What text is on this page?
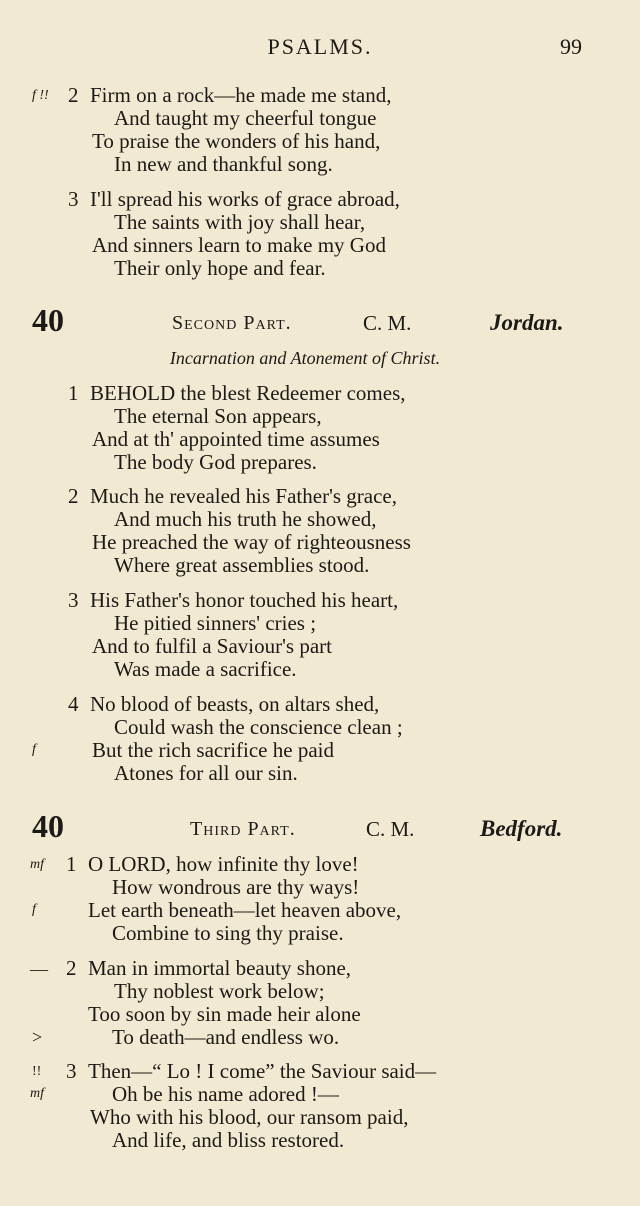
PSALMS.	99
f !! 2 Firm on a rock—he made me stand,
And taught my cheerful tongue
To praise the wonders of his hand,
In new and thankful song.
3 I'll spread his works of grace abroad,
The saints with joy shall hear,
And sinners learn to make my God
Their only hope and fear.
40	Second Part.	C. M.	Jordan.
Incarnation and Atonement of Christ.
1 BEHOLD the blest Redeemer comes,
The eternal Son appears,
And at th' appointed time assumes
The body God prepares.
2 Much he revealed his Father's grace,
And much his truth he showed,
He preached the way of righteousness
Where great assemblies stood.
3 His Father's honor touched his heart,
He pitied sinners' cries ;
And to fulfil a Saviour's part
Was made a sacrifice.
4 No blood of beasts, on altars shed,
Could wash the conscience clean ;
f	But the rich sacrifice he paid
Atones for all our sin.
40	Third Part.	C. M.	Bedford.
mf 1 O LORD, how infinite thy love!
How wondrous are thy ways!
f Let earth beneath—let heaven above,
Combine to sing thy praise.
— 2 Man in immortal beauty shone,
Thy noblest work below;
Too soon by sin made heir alone
>	To death—and endless wo.
!! 3 Then—“ Lo ! I come” the Saviour said—
mf	Oh be his name adored !—
Who with his blood, our ransom paid,
And life, and bliss restored.
